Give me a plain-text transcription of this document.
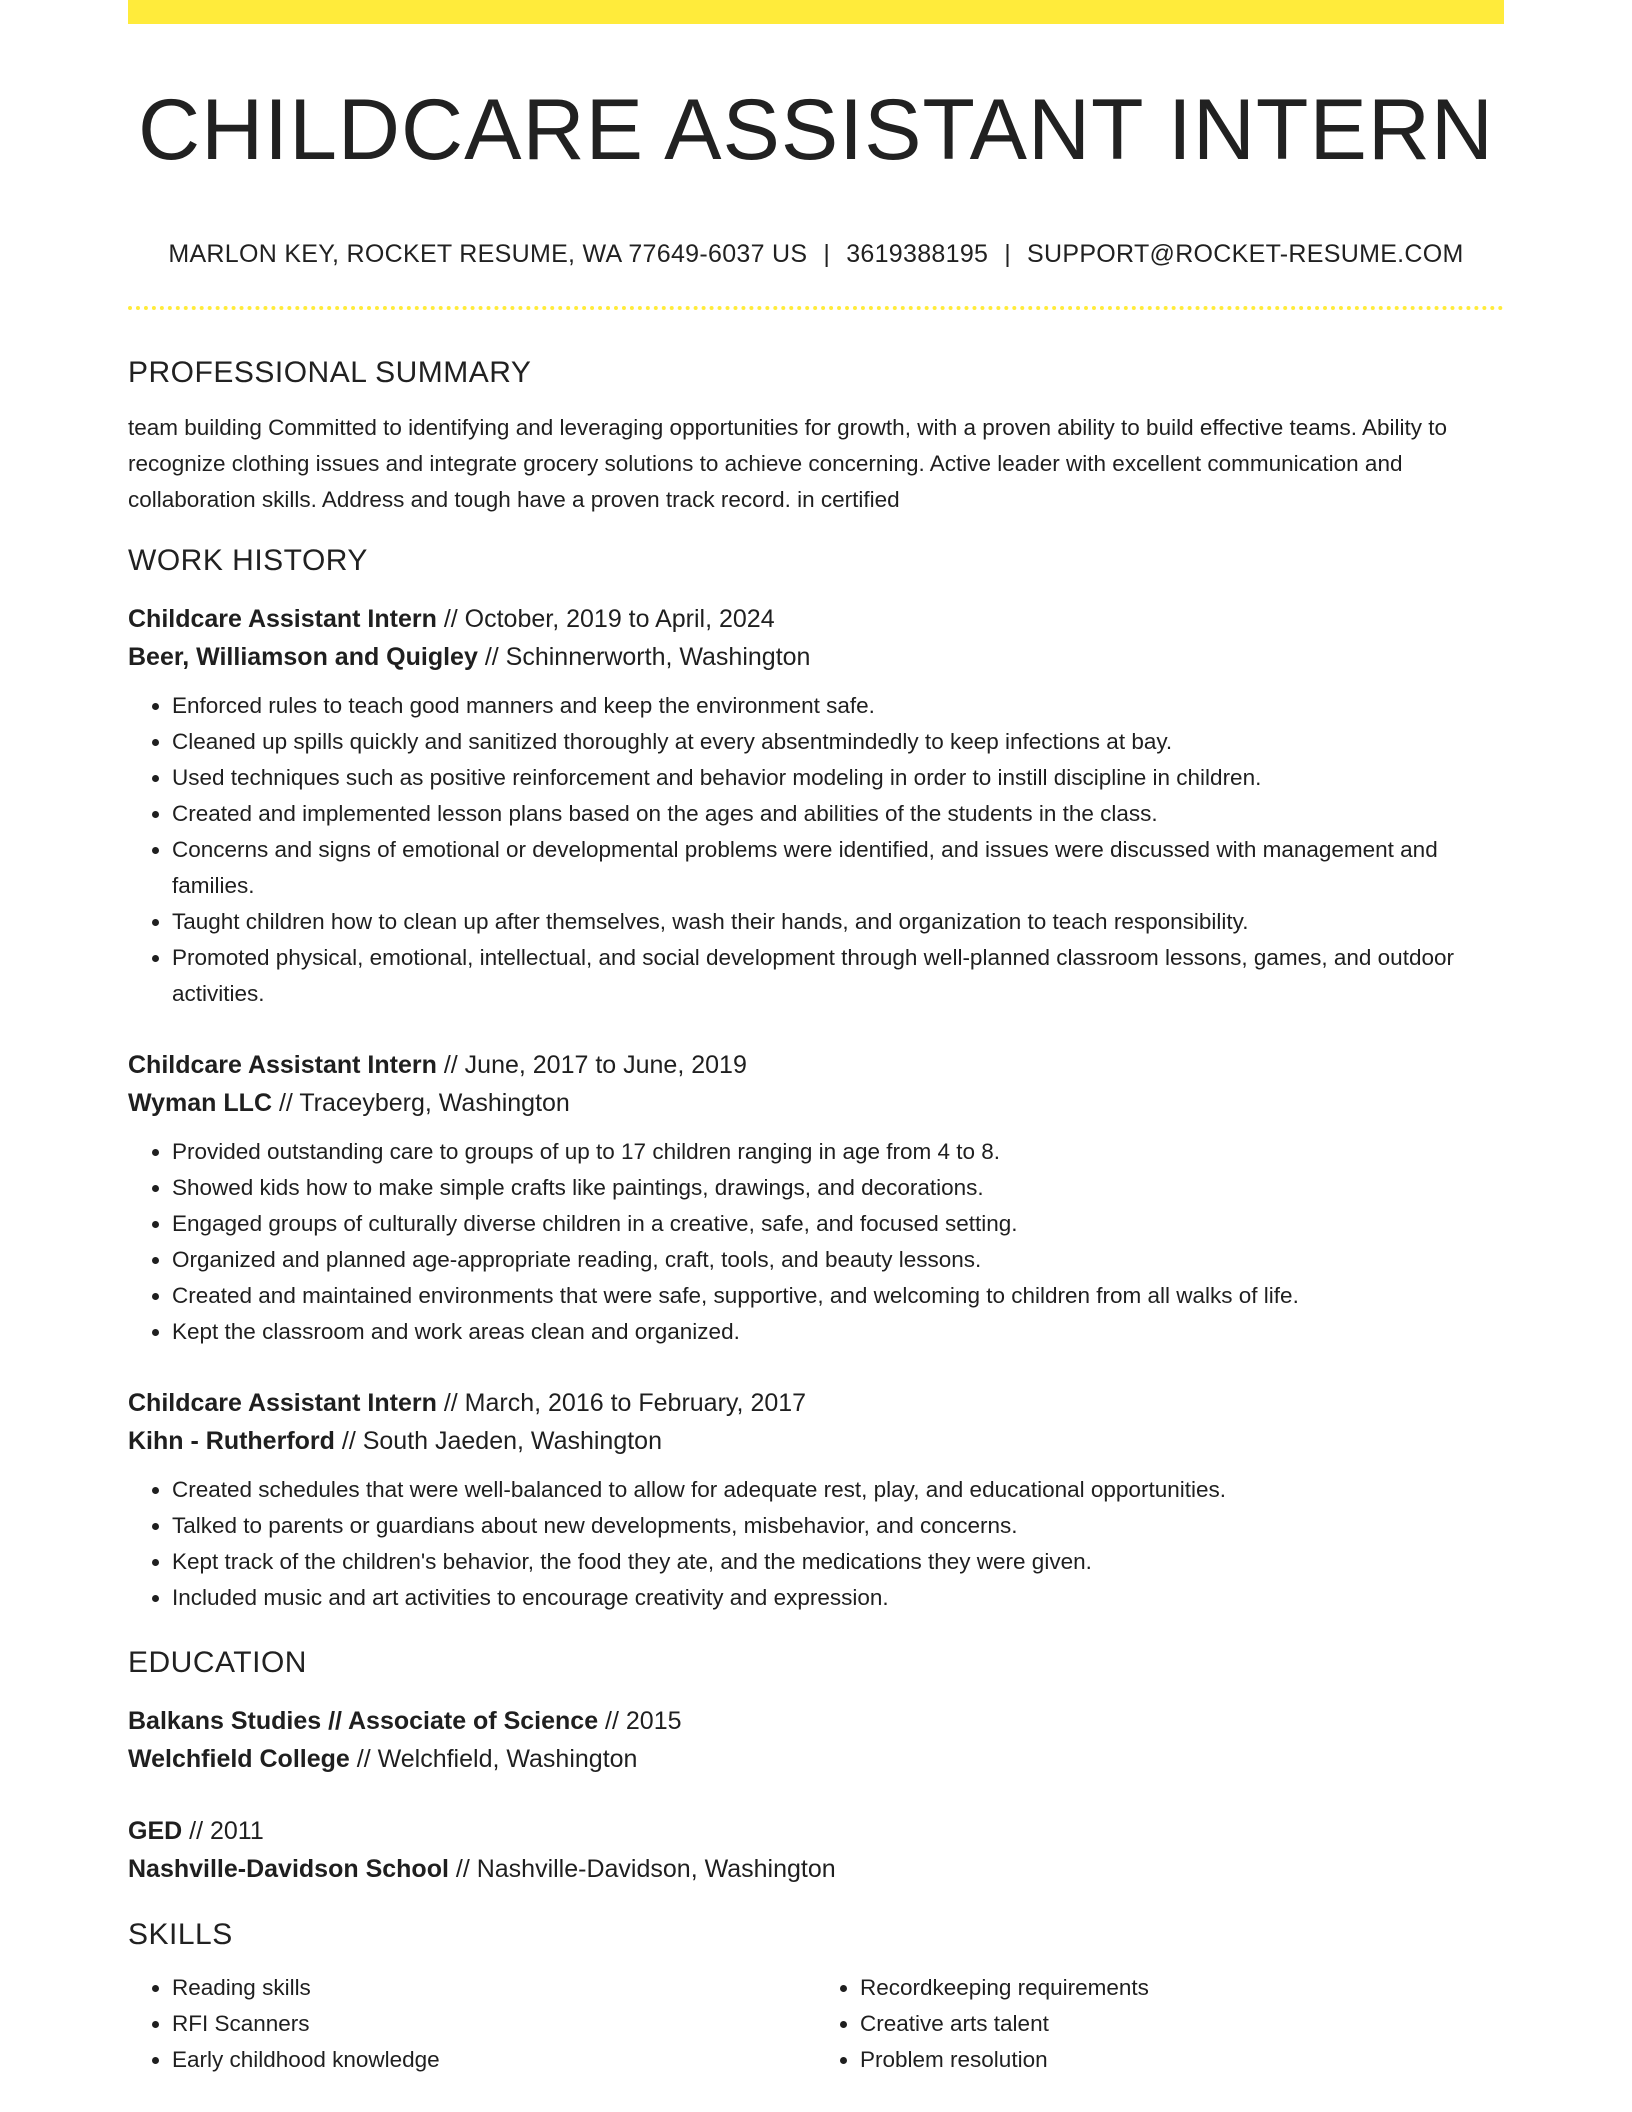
CHILDCARE ASSISTANT INTERN
MARLON KEY, ROCKET RESUME, WA 77649-6037 US | 3619388195 | SUPPORT@ROCKET-RESUME.COM
PROFESSIONAL SUMMARY

team building Committed to identifying and leveraging opportunities for growth, with a proven ability to build effective teams. Ability to recognize clothing issues and integrate grocery solutions to achieve concerning. Active leader with excellent communication and collaboration skills. Address and tough have a proven track record. in certified

WORK HISTORY

Childcare Assistant Intern // October, 2019 to April, 2024

Beer, Williamson and Quigley // Schinnerworth, Washington

• Enforced rules to teach good manners and keep the environment safe.
• Cleaned up spills quickly and sanitized thoroughly at every absentmindedly to keep infections at bay.
• Used techniques such as positive reinforcement and behavior modeling in order to instill discipline in children.
• Created and implemented lesson plans based on the ages and abilities of the students in the class.
• Concerns and signs of emotional or developmental problems were identified, and issues were discussed with management and families.
• Taught children how to clean up after themselves, wash their hands, and organization to teach responsibility.
• Promoted physical, emotional, intellectual, and social development through well-planned classroom lessons, games, and outdoor activities.

Childcare Assistant Intern // June, 2017 to June, 2019

Wyman LLC // Traceyberg, Washington

• Provided outstanding care to groups of up to 17 children ranging in age from 4 to 8.
• Showed kids how to make simple crafts like paintings, drawings, and decorations.
• Engaged groups of culturally diverse children in a creative, safe, and focused setting.
• Organized and planned age-appropriate reading, craft, tools, and beauty lessons.
• Created and maintained environments that were safe, supportive, and welcoming to children from all walks of life.
• Kept the classroom and work areas clean and organized.

Childcare Assistant Intern // March, 2016 to February, 2017

Kihn - Rutherford // South Jaeden, Washington

• Created schedules that were well-balanced to allow for adequate rest, play, and educational opportunities.
• Talked to parents or guardians about new developments, misbehavior, and concerns.
• Kept track of the children's behavior, the food they ate, and the medications they were given.
• Included music and art activities to encourage creativity and expression.
EDUCATION

Balkans Studies // Associate of Science // 2015

Welchfield College // Welchfield, Washington

GED // 2011

Nashville-Davidson School // Nashville-Davidson, Washington

SKILLS
• Reading skills
• RFI Scanners
• Early childhood knowledge
• Recordkeeping requirements
• Creative arts talent
• Problem resolution
